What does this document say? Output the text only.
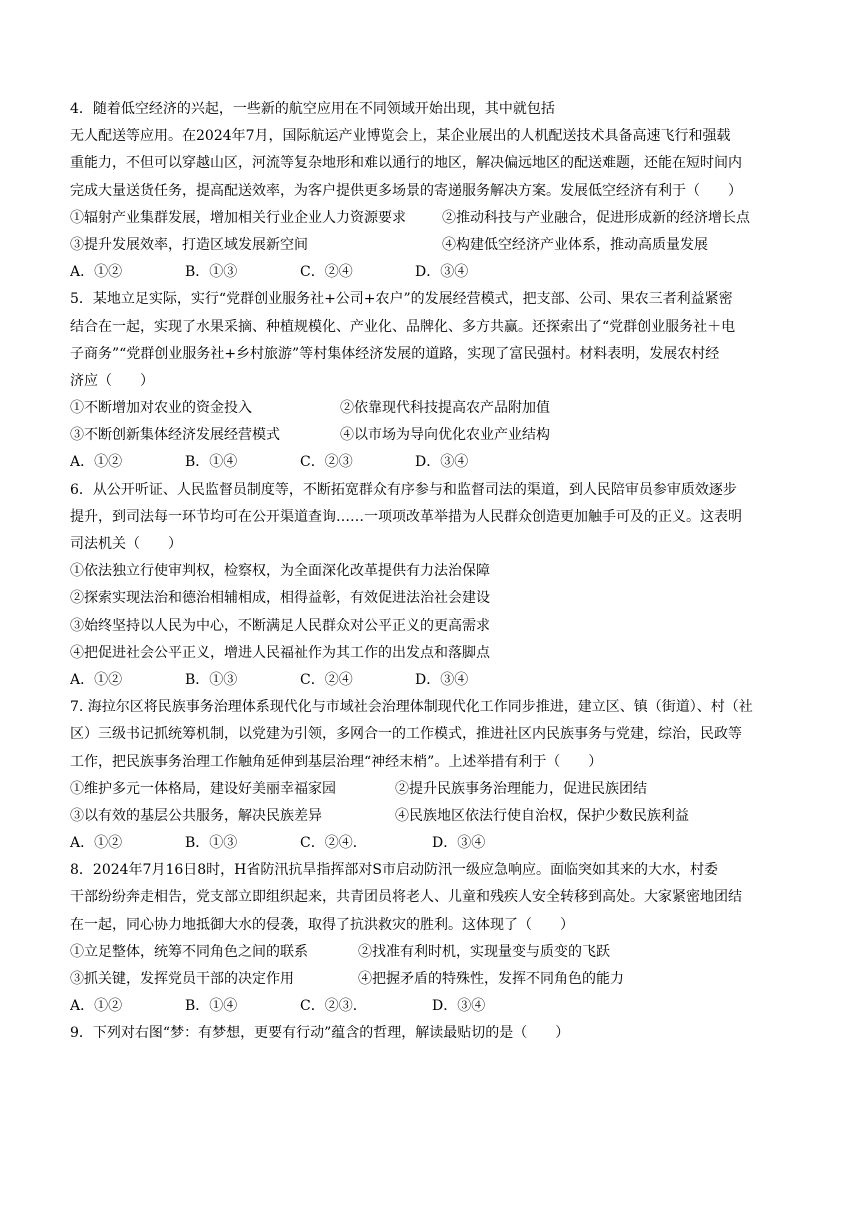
4．随着低空经济的兴起，一些新的航空应用在不同领域开始出现，其中就包括
无人配送等应用。在2024年7月，国际航运产业博览会上，某企业展出的人机配送技术具备高速飞行和强载
重能力，不但可以穿越山区，河流等复杂地形和难以通行的地区，解决偏远地区的配送难题，还能在短时间内
完成大量送货任务，提高配送效率，为客户提供更多场景的寄递服务解决方案。发展低空经济有利于（　　）
①辐射产业集群发展，增加相关行业企业人力资源要求	②推动科技与产业融合，促进形成新的经济增长点
③提升发展效率，打造区域发展新空间	④构建低空经济产业体系，推动高质量发展
A．①②	B．①③	C．②④	D．③④
5．某地立足实际，实行“党群创业服务社+公司+农户”的发展经营模式，把支部、公司、果农三者利益紧密
结合在一起，实现了水果采摘、种植规模化、产业化、品牌化、多方共赢。还探索出了“党群创业服务社＋电
子商务”“党群创业服务社+乡村旅游”等村集体经济发展的道路，实现了富民强村。材料表明，发展农村经
济应（　　）
①不断增加对农业的资金投入	②依靠现代科技提高农产品附加值
③不断创新集体经济发展经营模式	④以市场为导向优化农业产业结构
A．①②	B．①④	C．②③	D．③④
6．从公开听证、人民监督员制度等，不断拓宽群众有序参与和监督司法的渠道，到人民陪审员参审质效逐步
提升，到司法每一环节均可在公开渠道查询……一项项改革举措为人民群众创造更加触手可及的正义。这表明
司法机关（　　）
①依法独立行使审判权，检察权，为全面深化改革提供有力法治保障
②探索实现法治和德治相辅相成，相得益彰，有效促进法治社会建设
③始终坚持以人民为中心，不断满足人民群众对公平正义的更高需求
④把促进社会公平正义，增进人民福祉作为其工作的出发点和落脚点
A．①②	B．①③	C．②④	D．③④
7. 海拉尔区将民族事务治理体系现代化与市域社会治理体制现代化工作同步推进，建立区、镇（街道）、村（社
区）三级书记抓统筹机制，以党建为引领，多网合一的工作模式，推进社区内民族事务与党建，综治，民政等
工作，把民族事务治理工作触角延伸到基层治理“神经末梢”。上述举措有利于（　　）
①维护多元一体格局，建设好美丽幸福家园	②提升民族事务治理能力，促进民族团结
③以有效的基层公共服务，解决民族差异	④民族地区依法行使自治权，保护少数民族利益
A．①②	B．①③	C．②④．	D．③④
8．2024年7月16日8时，H省防汛抗旱指挥部对S市启动防汛一级应急响应。面临突如其来的大水，村委
干部纷纷奔走相告，党支部立即组织起来，共青团员将老人、儿童和残疾人安全转移到高处。大家紧密地团结
在一起，同心协力地抵御大水的侵袭，取得了抗洪救灾的胜利。这体现了（　　）
①立足整体，统筹不同角色之间的联系	②找准有利时机，实现量变与质变的飞跃
③抓关键，发挥党员干部的决定作用	④把握矛盾的特殊性，发挥不同角色的能力
A．①②	B．①④	C．②③．	D．③④
9．下列对右图“梦：有梦想，更要有行动”蕴含的哲理，解读最贴切的是（　　）
